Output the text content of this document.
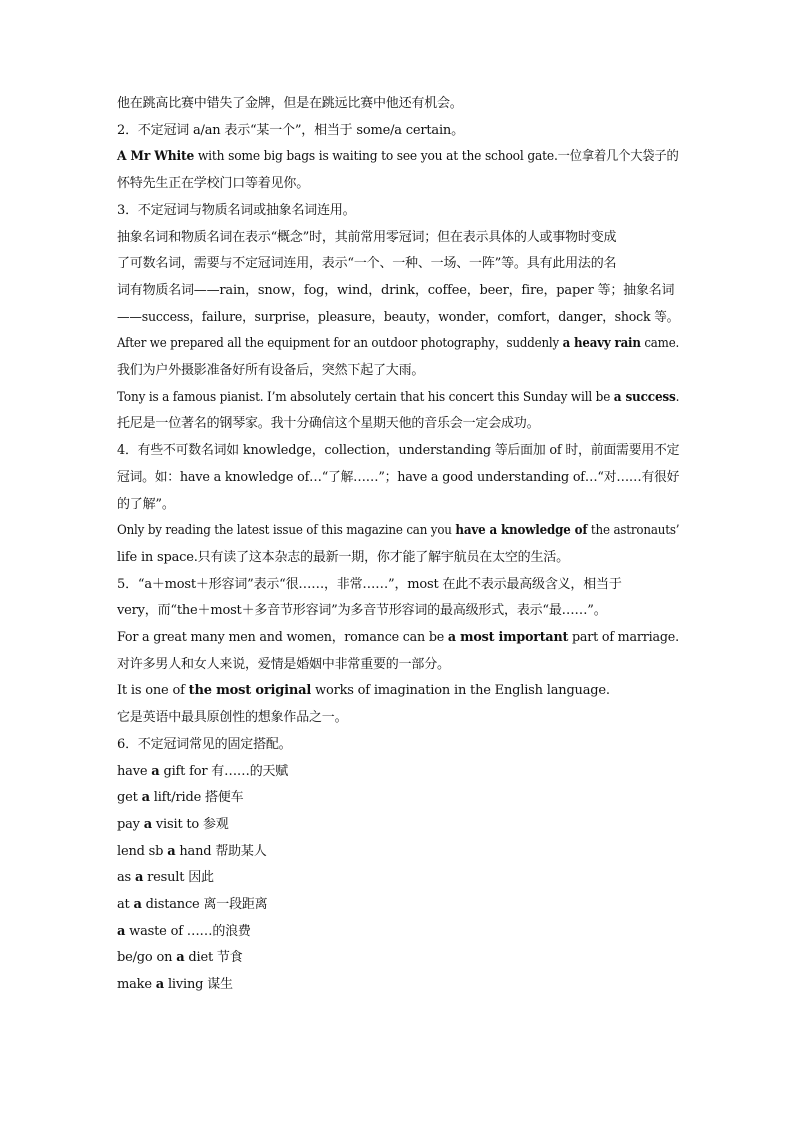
他在跳高比赛中错失了金牌，但是在跳远比赛中他还有机会。

2．不定冠词 a/an 表示“某一个”，相当于 some/a certain。

A Mr White with some big bags is waiting to see you at the school gate.一位拿着几个大袋子的

怀特先生正在学校门口等着见你。

3．不定冠词与物质名词或抽象名词连用。

抽象名词和物质名词在表示“概念”时，其前常用零冠词；但在表示具体的人或事物时变成

了可数名词，需要与不定冠词连用，表示“一个、一种、一场、一阵”等。具有此用法的名

词有物质名词——rain，snow，fog，wind，drink，coffee，beer，fire，paper 等；抽象名词

——success，failure，surprise，pleasure，beauty，wonder，comfort，danger，shock 等。

After we prepared all the equipment for an outdoor photography，suddenly a heavy rain came.

我们为户外摄影准备好所有设备后，突然下起了大雨。

Tony is a famous pianist. I’m absolutely certain that his concert this Sunday will be a success.

托尼是一位著名的钢琴家。我十分确信这个星期天他的音乐会一定会成功。

4．有些不可数名词如 knowledge，collection，understanding 等后面加 of 时，前面需要用不定

冠词。如：have a knowledge of…“了解……”；have a good understanding of…“对……有很好

的了解”。

Only by reading the latest issue of this magazine can you have a knowledge of the astronauts’

life in space.只有读了这本杂志的最新一期，你才能了解宇航员在太空的生活。

5．“a＋most＋形容词”表示“很……，非常……”，most 在此不表示最高级含义，相当于

very，而“the＋most＋多音节形容词”为多音节形容词的最高级形式，表示“最……”。

For a great many men and women，romance can be a most important part of marriage.

对许多男人和女人来说，爱情是婚姻中非常重要的一部分。

It is one of the most original works of imagination in the English language.

它是英语中最具原创性的想象作品之一。

6．不定冠词常见的固定搭配。

have a gift for 有……的天赋

get a lift/ride 搭便车

pay a visit to 参观

lend sb a hand 帮助某人

as a result 因此

at a distance 离一段距离

a waste of ……的浪费

be/go on a diet 节食

make a living 谋生
